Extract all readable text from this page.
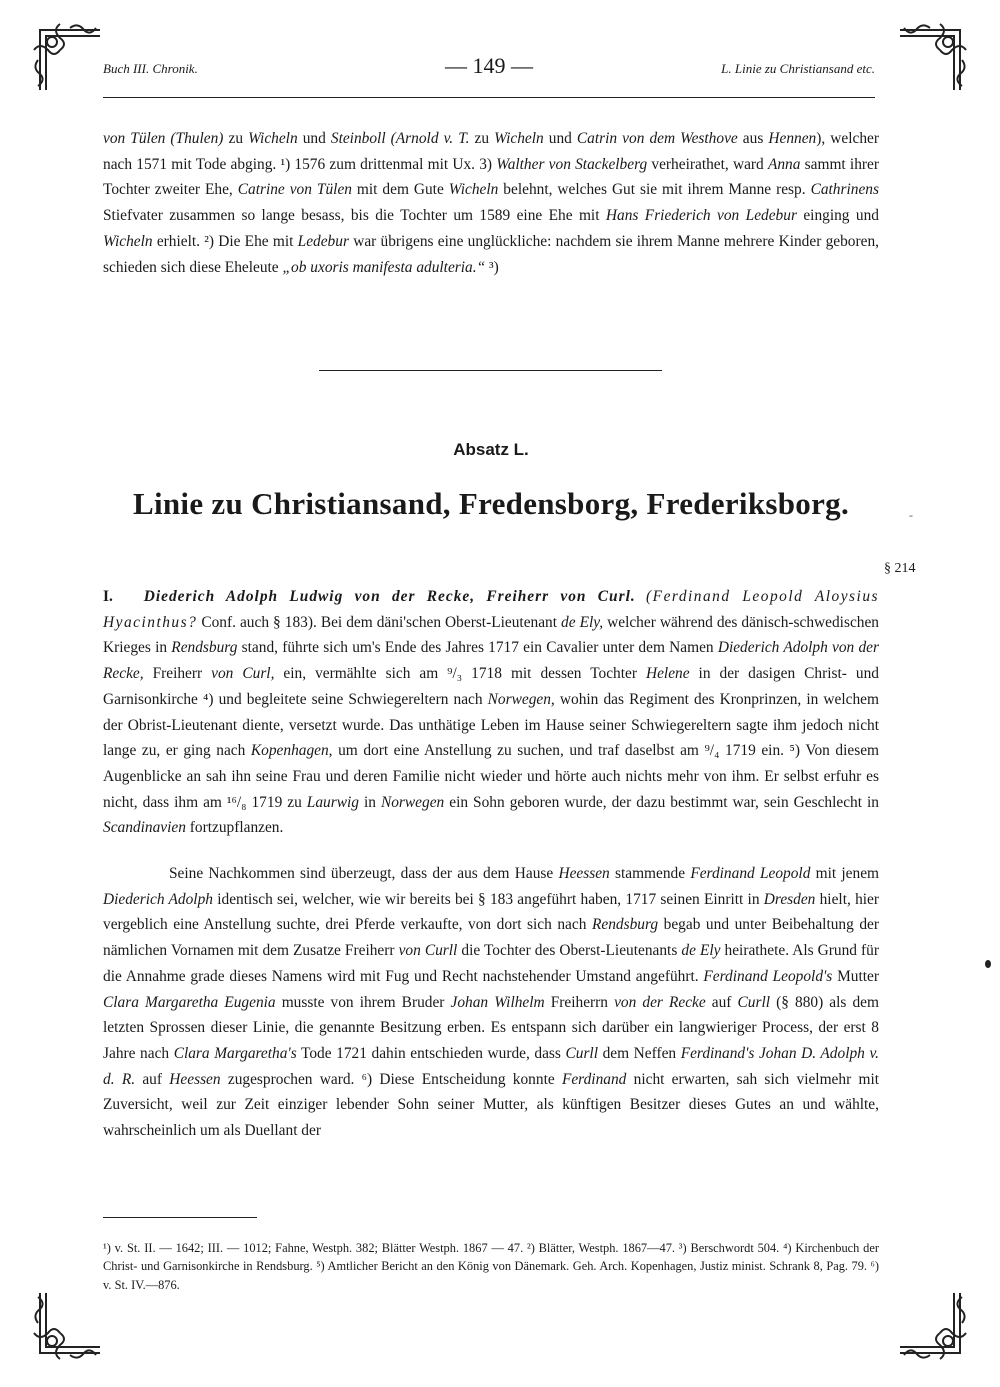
Buch III. Chronik.	— 149 —	L. Linie zu Christiansand etc.

von Tülen (Thulen) zu Wicheln und Steinboll (Arnold v. T. zu Wicheln und Catrin von dem Westhove aus Hennen), welcher nach 1571 mit Tode abging. ¹) 1576 zum drittenmal mit Ux. 3) Walther von Stackelberg verheirathet, ward Anna sammt ihrer Tochter zweiter Ehe, Catrine von Tülen mit dem Gute Wicheln belehnt, welches Gut sie mit ihrem Manne resp. Cathrinens Stiefvater zusammen so lange besass, bis die Tochter um 1589 eine Ehe mit Hans Friederich von Ledebur einging und Wicheln erhielt. ²) Die Ehe mit Ledebur war übrigens eine unglückliche: nachdem sie ihrem Manne mehrere Kinder geboren, schieden sich diese Eheleute „ob uxoris manifesta adulteria.“ ³)

Absatz L.
Linie zu Christiansand, Fredensborg, Frederiksborg.	-
§ 214

I. Diederich Adolph Ludwig von der Recke, Freiherr von Curl. (Ferdinand Leopold Aloysius Hyacinthus? Conf. auch § 183). Bei dem däni'schen Oberst-Lieutenant de Ely, welcher während des dänisch-schwedischen Krieges in Rendsburg stand, führte sich um's Ende des Jahres 1717 ein Cavalier unter dem Namen Diederich Adolph von der Recke, Freiherr von Curl, ein, vermählte sich am ⁹/₃ 1718 mit dessen Tochter Helene in der dasigen Christ- und Garnisonkirche ⁴) und begleitete seine Schwiegereltern nach Norwegen, wohin das Regiment des Kronprinzen, in welchem der Obrist-Lieutenant diente, versetzt wurde. Das unthätige Leben im Hause seiner Schwiegereltern sagte ihm jedoch nicht lange zu, er ging nach Kopenhagen, um dort eine Anstellung zu suchen, und traf daselbst am ⁹/₄ 1719 ein. ⁵) Von diesem Augenblicke an sah ihn seine Frau und deren Familie nicht wieder und hörte auch nichts mehr von ihm. Er selbst erfuhr es nicht, dass ihm am ¹⁶/₈ 1719 zu Laurwig in Norwegen ein Sohn geboren wurde, der dazu bestimmt war, sein Geschlecht in Scandinavien fortzupflanzen.

Seine Nachkommen sind überzeugt, dass der aus dem Hause Heessen stammende Ferdinand Leopold mit jenem Diederich Adolph identisch sei, welcher, wie wir bereits bei § 183 angeführt haben, 1717 seinen Einritt in Dresden hielt, hier vergeblich eine Anstellung suchte, drei Pferde verkaufte, von dort sich nach Rendsburg begab und unter Beibehaltung der nämlichen Vornamen mit dem Zusatze Freiherr von Curll die Tochter des Oberst-Lieutenants de Ely heirathete. Als Grund für die Annahme grade dieses Namens wird mit Fug und Recht nachstehender Umstand angeführt. Ferdinand Leopold's Mutter Clara Margaretha Eugenia musste von ihrem Bruder Johan Wilhelm Freiherrn von der Recke auf Curll (§ 880) als dem letzten Sprossen dieser Linie, die genannte Besitzung erben. Es entspann sich darüber ein langwieriger Process, der erst 8 Jahre nach Clara Margaretha's Tode 1721 dahin entschieden wurde, dass Curll dem Neffen Ferdinand's Johan D. Adolph v. d. R. auf Heessen zugesprochen ward. ⁶) Diese Entscheidung konnte Ferdinand nicht erwarten, sah sich vielmehr mit Zuversicht, weil zur Zeit einziger lebender Sohn seiner Mutter, als künftigen Besitzer dieses Gutes an und wählte, wahrscheinlich um als Duellant der

¹) v. St. II. — 1642; III. — 1012; Fahne, Westph. 382; Blätter Westph. 1867 — 47. ²) Blätter, Westph. 1867—47. ³) Berschwordt 504. ⁴) Kirchenbuch der Christ- und Garnisonkirche in Rendsburg. ⁵) Amtlicher Bericht an den König von Dänemark. Geh. Arch. Kopenhagen, Justiz minist. Schrank 8, Pag. 79. ⁶) v. St. IV.—876.
